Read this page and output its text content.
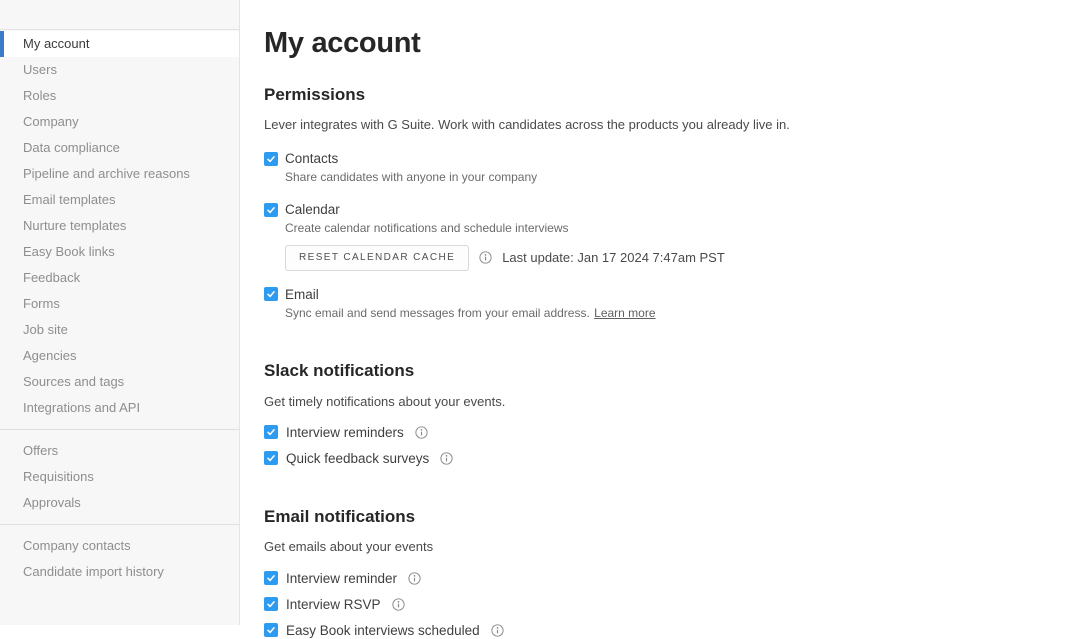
My account
Users
Roles
Company
Data compliance
Pipeline and archive reasons
Email templates
Nurture templates
Easy Book links
Feedback
Forms
Job site
Agencies
Sources and tags
Integrations and API
Offers
Requisitions
Approvals
Company contacts
Candidate import history
My account
Permissions

Lever integrates with G Suite. Work with candidates across the products you already live in.

Contacts
Share candidates with anyone in your company
Calendar
Create calendar notifications and schedule interviews
RESET CALENDAR CACHE	Last update: Jan 17 2024 7:47am PST
Email
Sync email and send messages from your email address. Learn more
Slack notifications

Get timely notifications about your events.

Interview reminders
Quick feedback surveys
Email notifications

Get emails about your events

Interview reminder
Interview RSVP
Easy Book interviews scheduled
